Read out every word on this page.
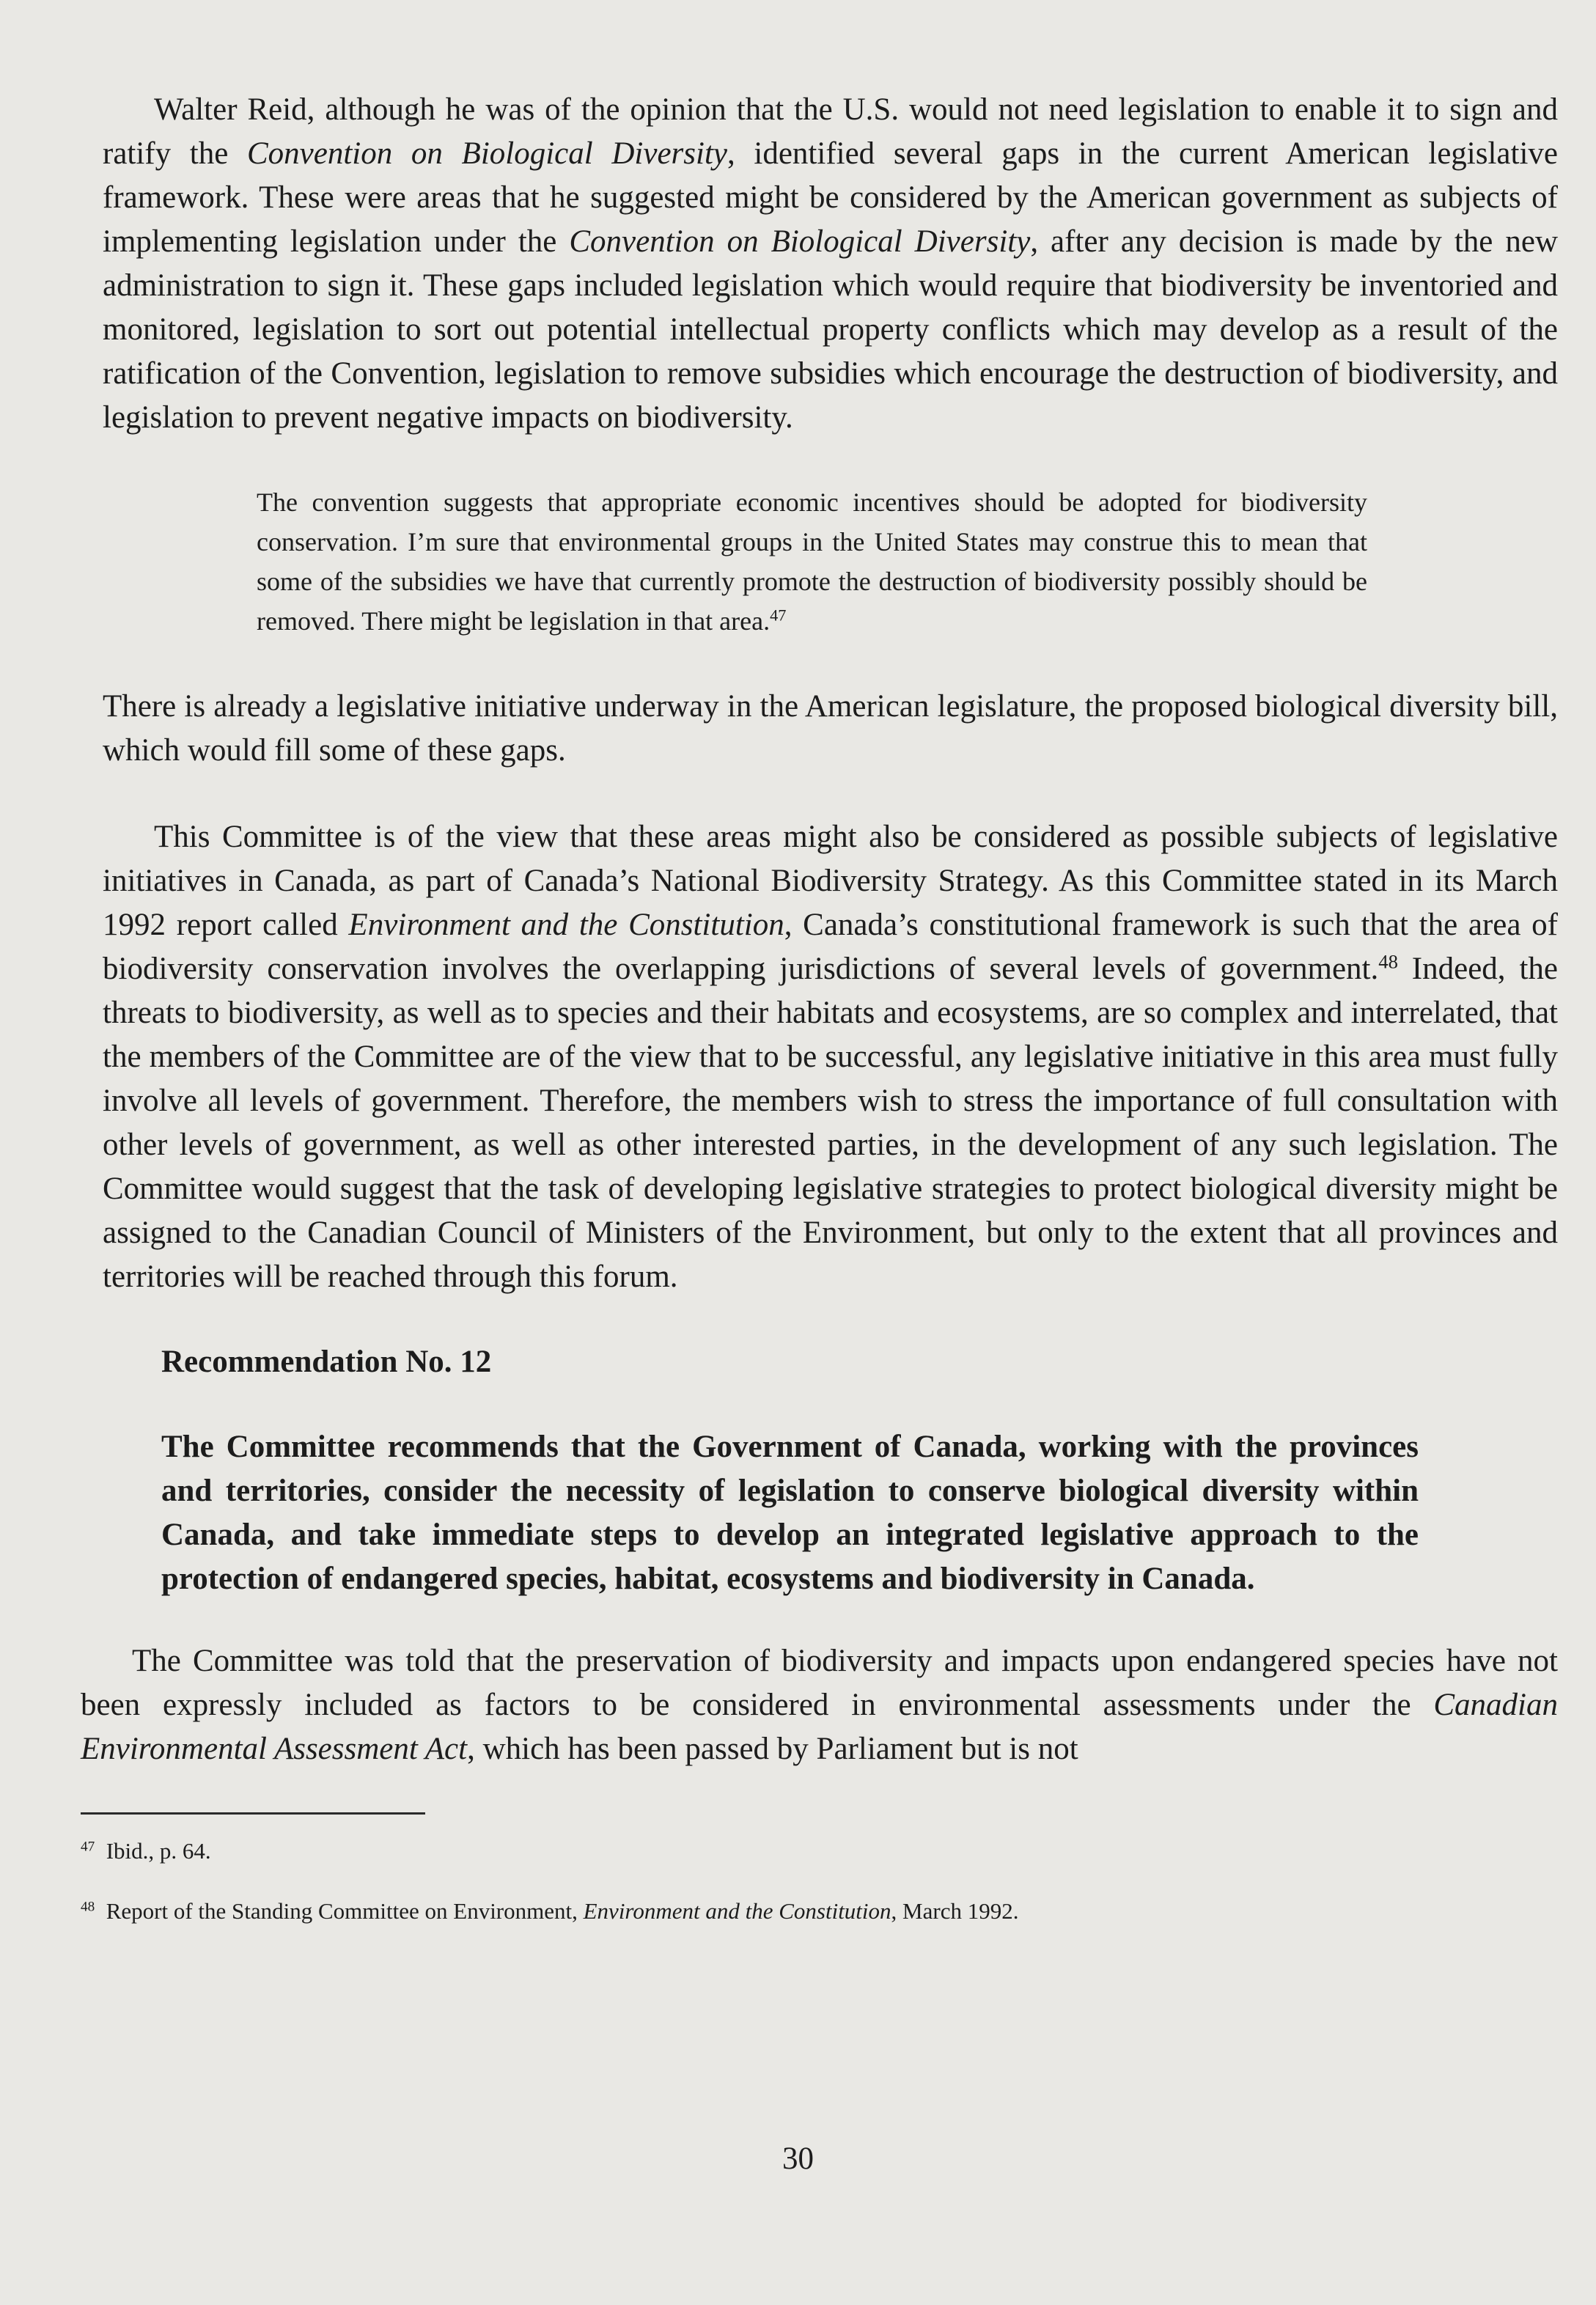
Walter Reid, although he was of the opinion that the U.S. would not need legislation to enable it to sign and ratify the Convention on Biological Diversity, identified several gaps in the current American legislative framework. These were areas that he suggested might be considered by the American government as subjects of implementing legislation under the Convention on Biological Diversity, after any decision is made by the new administration to sign it. These gaps included legislation which would require that biodiversity be inventoried and monitored, legislation to sort out potential intellectual property conflicts which may develop as a result of the ratification of the Convention, legislation to remove subsidies which encourage the destruction of biodiversity, and legislation to prevent negative impacts on biodiversity.

The convention suggests that appropriate economic incentives should be adopted for biodiversity conservation. I’m sure that environmental groups in the United States may construe this to mean that some of the subsidies we have that currently promote the destruction of biodiversity possibly should be removed. There might be legislation in that area.$^{47}$

There is already a legislative initiative underway in the American legislature, the proposed biological diversity bill, which would fill some of these gaps.

This Committee is of the view that these areas might also be considered as possible subjects of legislative initiatives in Canada, as part of Canada’s National Biodiversity Strategy. As this Committee stated in its March 1992 report called Environment and the Constitution, Canada’s constitutional framework is such that the area of biodiversity conservation involves the overlapping jurisdictions of several levels of government.$^{48}$ Indeed, the threats to biodiversity, as well as to species and their habitats and ecosystems, are so complex and interrelated, that the members of the Committee are of the view that to be successful, any legislative initiative in this area must fully involve all levels of government. Therefore, the members wish to stress the importance of full consultation with other levels of government, as well as other interested parties, in the development of any such legislation. The Committee would suggest that the task of developing legislative strategies to protect biological diversity might be assigned to the Canadian Council of Ministers of the Environment, but only to the extent that all provinces and territories will be reached through this forum.

Recommendation No. 12

The Committee recommends that the Government of Canada, working with the provinces and territories, consider the necessity of legislation to conserve biological diversity within Canada, and take immediate steps to develop an integrated legislative approach to the protection of endangered species, habitat, ecosystems and biodiversity in Canada.

The Committee was told that the preservation of biodiversity and impacts upon endangered species have not been expressly included as factors to be considered in environmental assessments under the Canadian Environmental Assessment Act, which has been passed by Parliament but is not

$^{47}$ Ibid., p. 64.

$^{48}$ Report of the Standing Committee on Environment, Environment and the Constitution, March 1992.

30
